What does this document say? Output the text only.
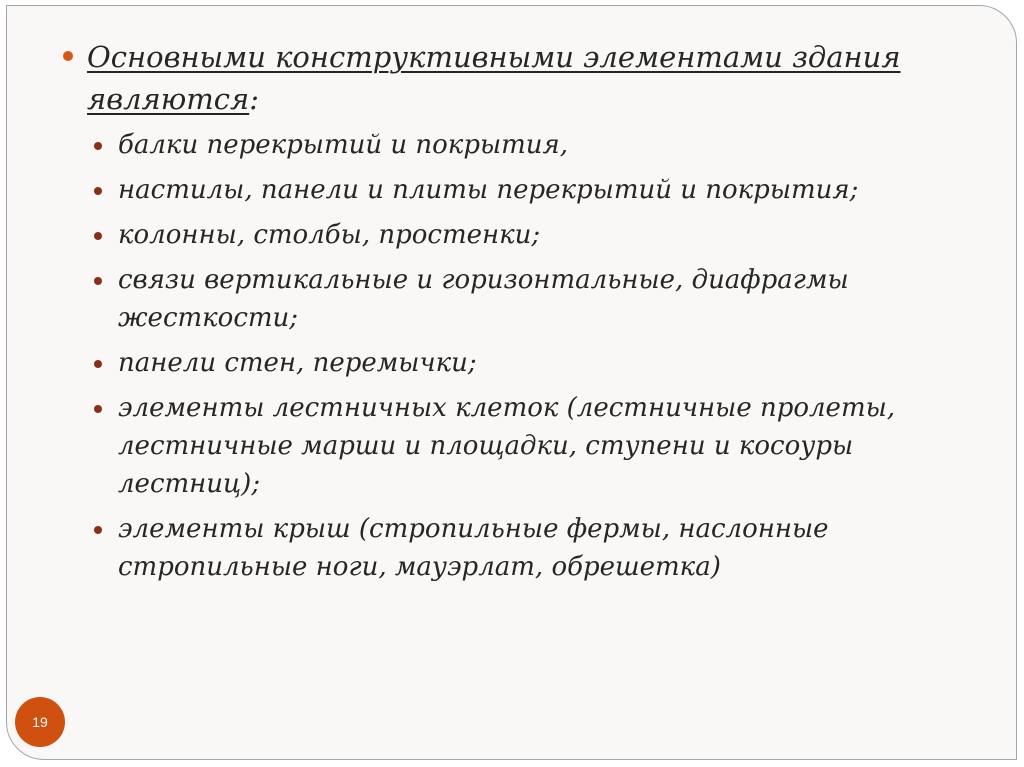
Основными конструктивными элементами здания являются:
балки перекрытий и покрытия,
настилы, панели и плиты перекрытий и покрытия;
колонны, столбы, простенки;
связи вертикальные и горизонтальные, диафрагмы жесткости;
панели стен, перемычки;
элементы лестничных клеток (лестничные пролеты, лестничные марши и площадки, ступени и косоуры лестниц);
элементы крыш (стропильные фермы, наслонные стропильные ноги, мауэрлат, обрешетка)
19
